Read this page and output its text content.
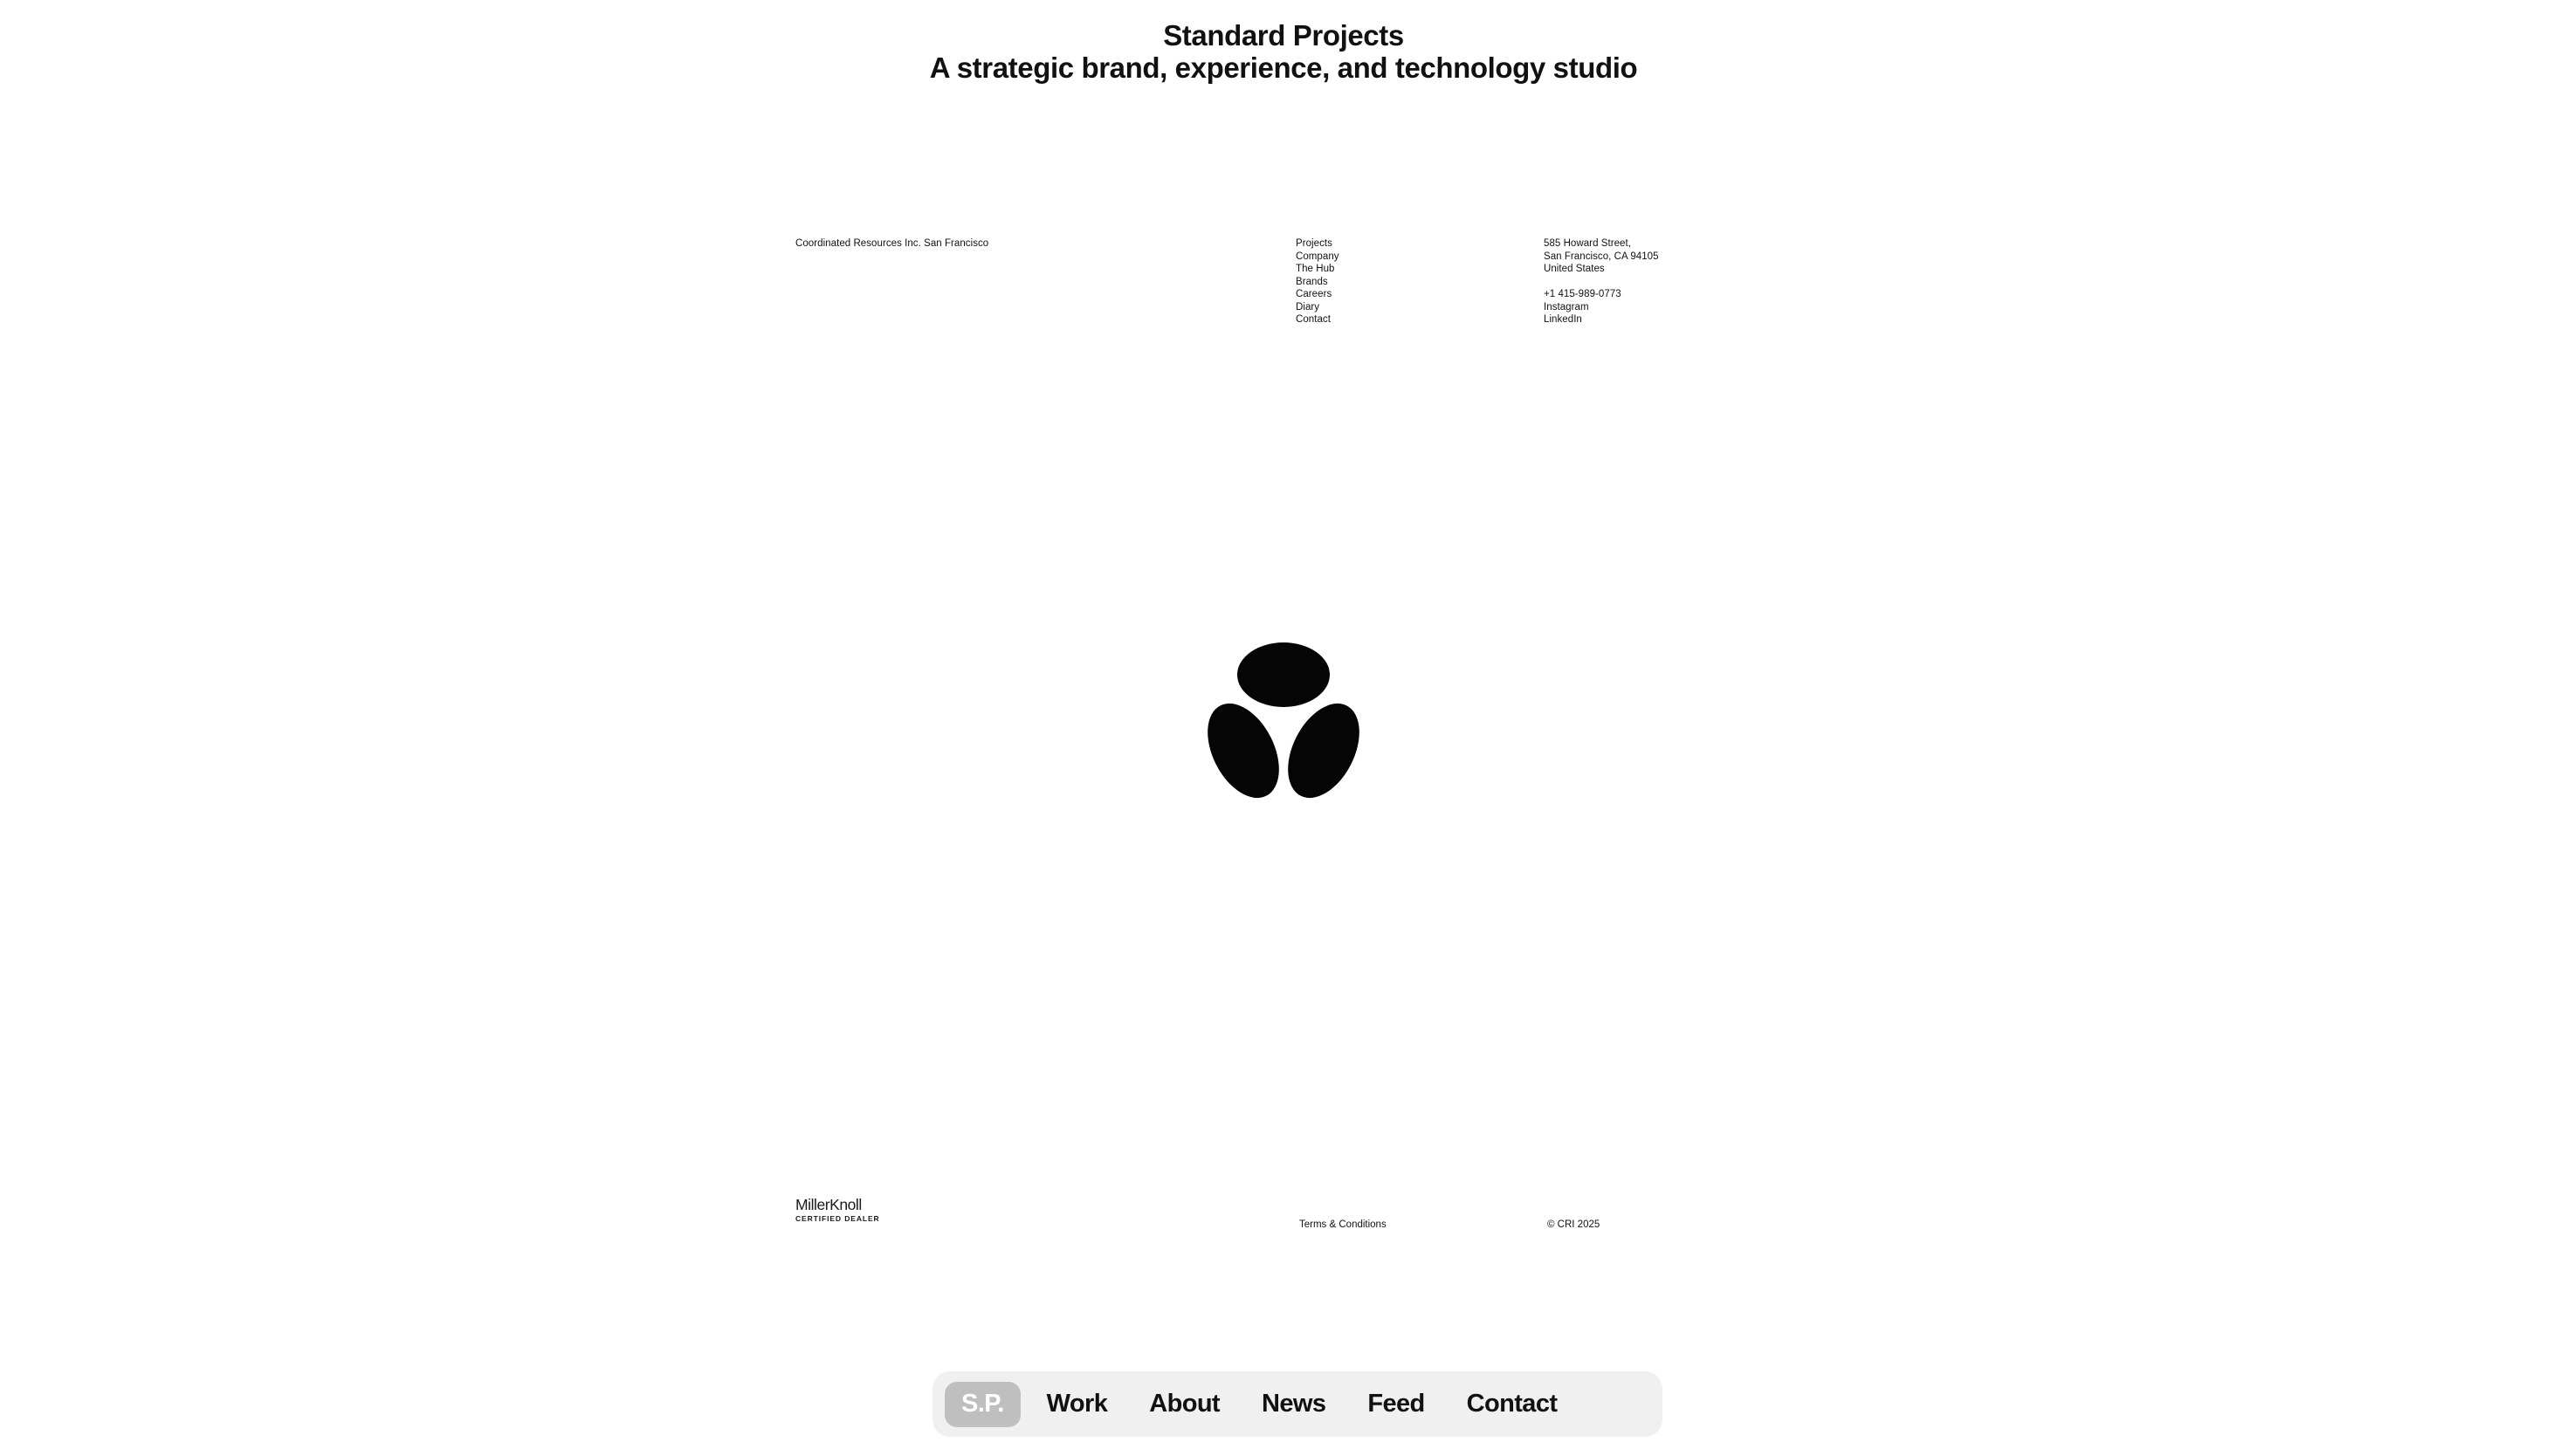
Standard Projects
A strategic brand, experience, and technology studio
Coordinated Resources Inc. San Francisco	Projects
Company
The Hub
Brands
Careers
Diary
Contact
585 Howard Street,
San Francisco, CA 94105
United States
+1 415-989-0773
Instagram
LinkedIn
MillerKnoll
CERTIFIED DEALER
Terms & Conditions	© CRI 2025
S.P.	Work	About	News	Feed	Contact
